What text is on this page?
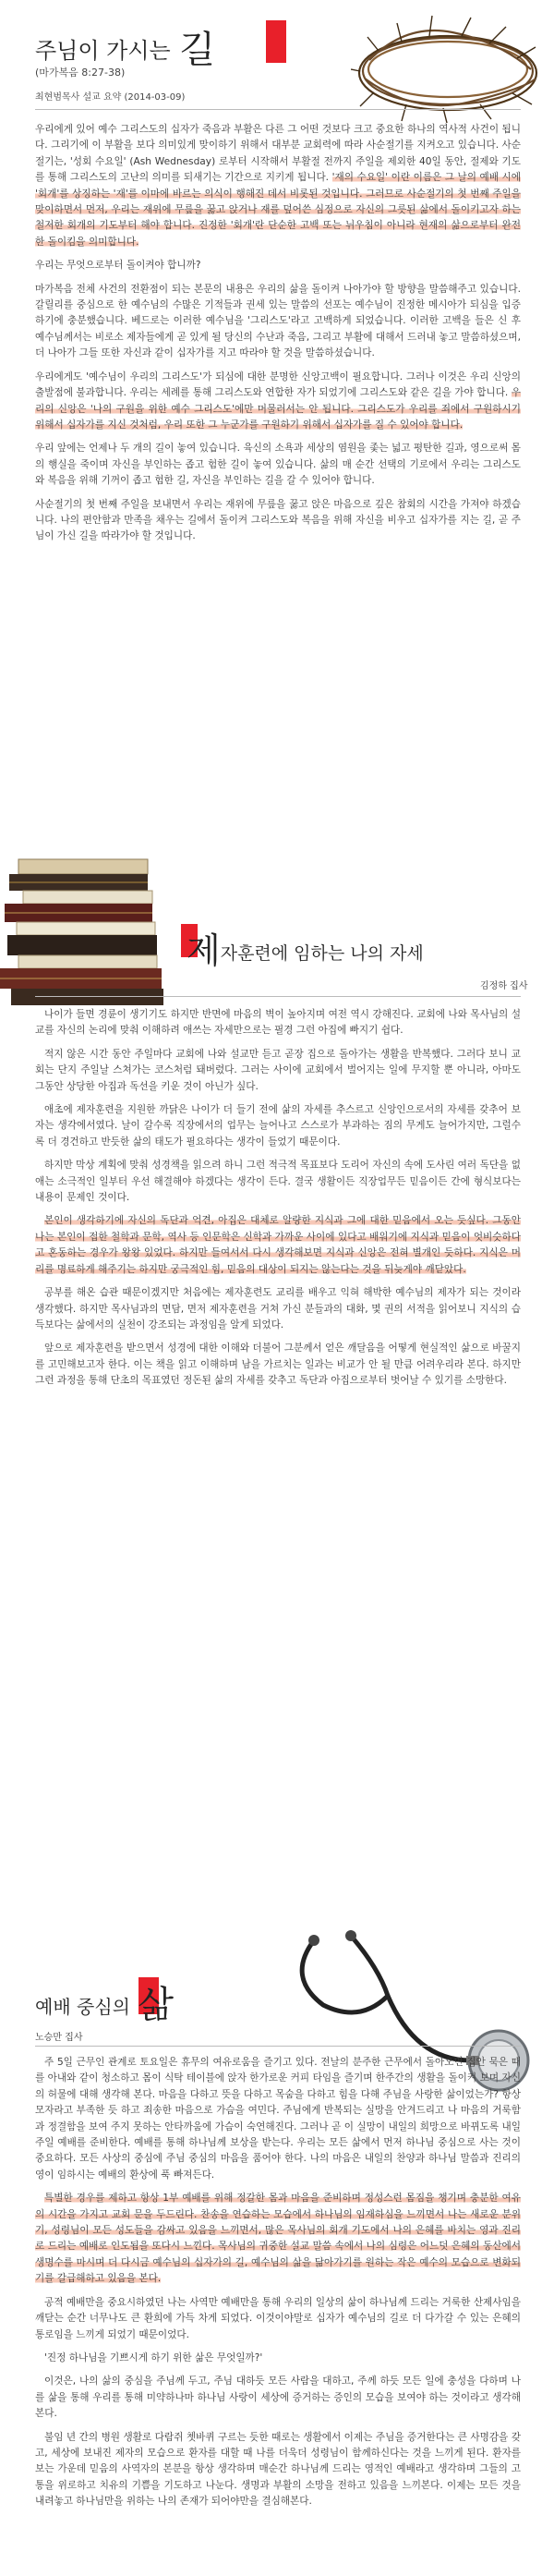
주님이 가시는 길
(마가복음 8:27-38)
최현범목사 설교 요약 (2014-03-09)

우리에게 있어 예수 그리스도의 십자가 죽음과 부활은 다른 그 어떤 것보다 크고 중요한 하나의 역사적 사건이 됩니다. 그리기에 이 부활을 보다 의미있게 맞이하기 위해서 대부분 교회력에 따라 사순절기를 지켜오고 있습니다. 사순절기는, '성회 수요일' (Ash Wednesday) 로부터 시작해서 부활절 전까지 주일을 제외한 40일 동안, 절제와 기도를 통해 그리스도의 고난의 의미를 되새기는 기간으로 지키게 됩니다. '재의 수요일' 이란 이름은 그 날의 예배 시에 '회개'를 상징하는 '재'를 이마에 바르는 의식이 행해진 데서 비롯된 것입니다. 그러므로 사순절기의 첫 번째 주일을 맞이하면서 먼저, 우리는 재위에 무릎을 꿇고 앉거나 재를 덮어쓴 심정으로 자신의 그릇된 삶에서 돌이키고자 하는 철저한 회개의 기도부터 해야 합니다. 진정한 '회개'란 단순한 고백 또는 뉘우침이 아니라 현재의 삶으로부터 완전한 돌이킴을 의미합니다.

우리는 무엇으로부터 돌이켜야 합니까?

마가복음 전체 사건의 전환점이 되는 본문의 내용은 우리의 삶을 돌이켜 나아가야 할 방향을 말씀해주고 있습니다. 갈릴리를 중심으로 한 예수님의 수많은 기적들과 권세 있는 말씀의 선포는 예수님이 진정한 메시아가 되심을 입증하기에 충분했습니다. 베드로는 이러한 예수님을 '그리스도'라고 고백하게 되었습니다. 이러한 고백을 들은 신 후 예수님께서는 비로소 제자들에게 곧 있게 될 당신의 수난과 죽음, 그리고 부활에 대해서 드러내 놓고 말씀하셨으며, 더 나아가 그들 또한 자신과 같이 십자가를 지고 따라야 할 것을 말씀하셨습니다.

우리에게도 '예수님이 우리의 그리스도'가 되심에 대한 분명한 신앙고백이 필요합니다. 그러나 이것은 우리 신앙의 출발점에 불과합니다. 우리는 세례를 통해 그리스도와 연합한 자가 되었기에 그리스도와 같은 길을 가야 합니다. 우리의 신앙은 '나의 구원을 위한 예수 그리스도'에만 머물러서는 안 됩니다. 그리스도가 우리를 죄에서 구원하시기 위해서 십자가를 지신 것처럼, 우리 또한 그 누군가를 구원하기 위해서 십자가를 질 수 있어야 합니다.

우리 앞에는 언제나 두 개의 길이 놓여 있습니다. 육신의 소욕과 세상의 염원을 좇는 넓고 평탄한 길과, 영으로써 몸의 행실을 죽이며 자신을 부인하는 좁고 험한 길이 놓여 있습니다. 삶의 매 순간 선택의 기로에서 우리는 그리스도와 복음을 위해 기꺼이 좁고 험한 길, 자신을 부인하는 길을 갈 수 있어야 합니다.

사순절기의 첫 번째 주일을 보내면서 우리는 재위에 무릎을 꿇고 앉은 마음으로 깊은 참회의 시간을 가져야 하겠습니다. 나의 편안함과 만족을 채우는 길에서 돌이켜 그리스도와 복음을 위해 자신을 비우고 십자가를 지는 길, 곧 주님이 가신 길을 따라가야 할 것입니다.

제자훈련에 임하는 나의 자세
김정하 집사

나이가 들면 경륜이 생기기도 하지만 반면에 마음의 벽이 높아지며 여전 역시 강해진다. 교회에 나와 목사님의 설교를 자신의 논리에 맞춰 이해하려 애쓰는 자세만으로는 필경 그런 아집에 빠지기 쉽다.

적지 않은 시간 동안 주일마다 교회에 나와 설교만 듣고 곧장 집으로 돌아가는 생활을 반복했다. 그러다 보니 교회는 단지 주일날 스쳐가는 코스처럼 돼버렸다. 그러는 사이에 교회에서 벌어지는 일에 무지할 뿐 아니라, 아마도 그동안 상당한 아집과 독선을 키운 것이 아닌가 싶다.

애초에 제자훈련을 지원한 까닭은 나이가 더 들기 전에 삶의 자세를 추스르고 신앙인으로서의 자세를 갖추어 보자는 생각에서였다. 날이 갈수록 직장에서의 업무는 늘어나고 스스로가 부과하는 짐의 무게도 늘어가지만, 그럴수록 더 경건하고 반듯한 삶의 태도가 필요하다는 생각이 들었기 때문이다.

하지만 막상 계획에 맞춰 성경책을 읽으려 하니 그런 적극적 목표보다 도리어 자신의 속에 도사린 여러 독단을 없애는 소극적인 일부터 우선 해결해야 하겠다는 생각이 든다. 결국 생활이든 직장업무든 믿음이든 간에 형식보다는 내용이 문제인 것이다.

본인이 생각하기에 자신의 독단과 억견, 아집은 대체로 알량한 지식과 그에 대한 믿음에서 오는 듯싶다. 그동안 나는 본인이 접한 철학과 문학, 역사 등 인문학은 신학과 가까운 사이에 있다고 배워기에 지식과 믿음이 엇비슷하다고 혼동하는 경우가 왕왕 있었다. 하지만 들여서서 다시 생각해보면 지식과 신앙은 전혀 별개인 듯하다. 지식은 머리를 명료하게 해주기는 하지만 궁극적인 힘, 믿음의 대상이 되지는 않는다는 것을 뒤늦게야 깨닫았다.

공부를 해온 습관 때문이겠지만 처음에는 제자훈련도 교리를 배우고 익혀 해박한 예수님의 제자가 되는 것이라 생각했다. 하지만 목사님과의 면담, 면저 제자훈련을 거쳐 가신 분들과의 대화, 몇 권의 서적을 읽어보니 지식의 습득보다는 삶에서의 실천이 강조되는 과정임을 알게 되었다.

앞으로 제자훈련을 받으면서 성경에 대한 이해와 더불어 그분께서 얻은 깨달음을 어떻게 현실적인 삶으로 바꿀지를 고민해보고자 한다. 이는 책을 읽고 이해하며 남을 가르치는 일과는 비교가 안 될 만큼 어려우리라 본다. 하지만 그런 과정을 통해 단초의 목표였던 정돈된 삶의 자세를 갖추고 독단과 아집으로부터 벗어날 수 있기를 소망한다.

예배 중심의 삶
노승만 집사

주 5일 근무인 관계로 토요일은 휴무의 여유로움을 즐기고 있다. 전날의 분주한 근무에서 돌아오면 집안 묵은 때를 아내와 같이 청소하고 몸이 식탁 테이블에 앉자 한가로운 커피 타임을 즐기며 한주간의 생활을 돌이켜 보며 자신의 허물에 대해 생각해 본다. 마음을 다하고 뜻을 다하고 목숨을 다하고 힘을 다해 주님을 사랑한 삶이었는가? 항상 모자라고 부족한 듯 하고 죄송한 마음으로 가슴을 여민다. 주님에게 반복되는 실망을 안겨드리고 나 마음의 거룩함과 정결함을 보여 주지 못하는 안타까움에 가슴이 숙연해진다. 그러나 곧 이 실망이 내일의 희망으로 바뀌도록 내일 주일 예배를 준비한다. 예배를 통해 하나님께 보상을 받는다. 우리는 모든 삶에서 먼저 하나님 중심으로 사는 것이 중요하다. 모든 사상의 중심에 주님 중심의 마음을 품어야 한다. 나의 마음은 내일의 찬양과 하나님 말씀과 진리의 영이 임하시는 예배의 환상에 푹 빠져든다.

특별한 경우를 제하고 항상 1부 예배를 위해 정갈한 몸과 마음을 준비하며 정성스런 몸짐을 챙기며 충분한 여유의 시간을 가지고 교회 문을 두드린다. 찬송을 연습하는 모습에서 하나님의 임재하심을 느끼면서 나는 새로운 분위기, 성령님이 모든 성도들을 감싸고 있음을 느끼면서, 많은 목사님의 회개 기도에서 나의 은혜를 바치는 영과 진리로 드리는 예배로 인도됨을 또다시 느낀다. 목사님의 귀중한 설교 말씀 속에서 나의 심령은 어느덧 은혜의 동산에서 생명수를 마시며 더 다시금 예수님의 십자가의 길, 예수님의 삶을 닮아가기를 원하는 작은 예수의 모습으로 변화되기를 갈급해하고 있음을 본다.

공적 예배만을 중요시하였던 나는 사역만 예배만을 통해 우리의 일상의 삶이 하나님께 드리는 거룩한 산제사임을 깨닫는 순간 너무나도 큰 환희에 가득 차게 되었다. 이것이야말로 십자가 예수님의 길로 더 다가갈 수 있는 은혜의 통로임을 느끼게 되었기 때문이었다.

'진정 하나님을 기쁘시게 하기 위한 삶은 무엇일까?'

이것은, 나의 삶의 중심을 주님께 두고, 주님 대하듯 모든 사람을 대하고, 주께 하듯 모든 일에 충성을 다하며 나를 삶을 통해 우리를 통해 미약하나마 하나님 사랑이 세상에 증거하는 증인의 모습을 보여야 하는 것이라고 생각해본다.

불임 년 간의 병원 생활로 다람쥐 쳇바퀴 구르는 듯한 때로는 생활에서 이제는 주님을 증거한다는 큰 사명감을 갖고, 세상에 보내진 제자의 모습으로 환자를 대할 때 나를 더욱더 성령님이 함께하신다는 것을 느끼게 된다. 환자를 보는 가운데 믿음의 사역자의 본분을 항상 생각하며 매순간 하나님께 드리는 영적인 예배라고 생각하며 그들의 고통을 위로하고 치유의 기쁨을 기도하고 나눈다. 생명과 부활의 소망을 전하고 있음을 느끼본다. 이제는 모든 것을 내려놓고 하나님만을 위하는 나의 존재가 되어야만을 결심해본다.
